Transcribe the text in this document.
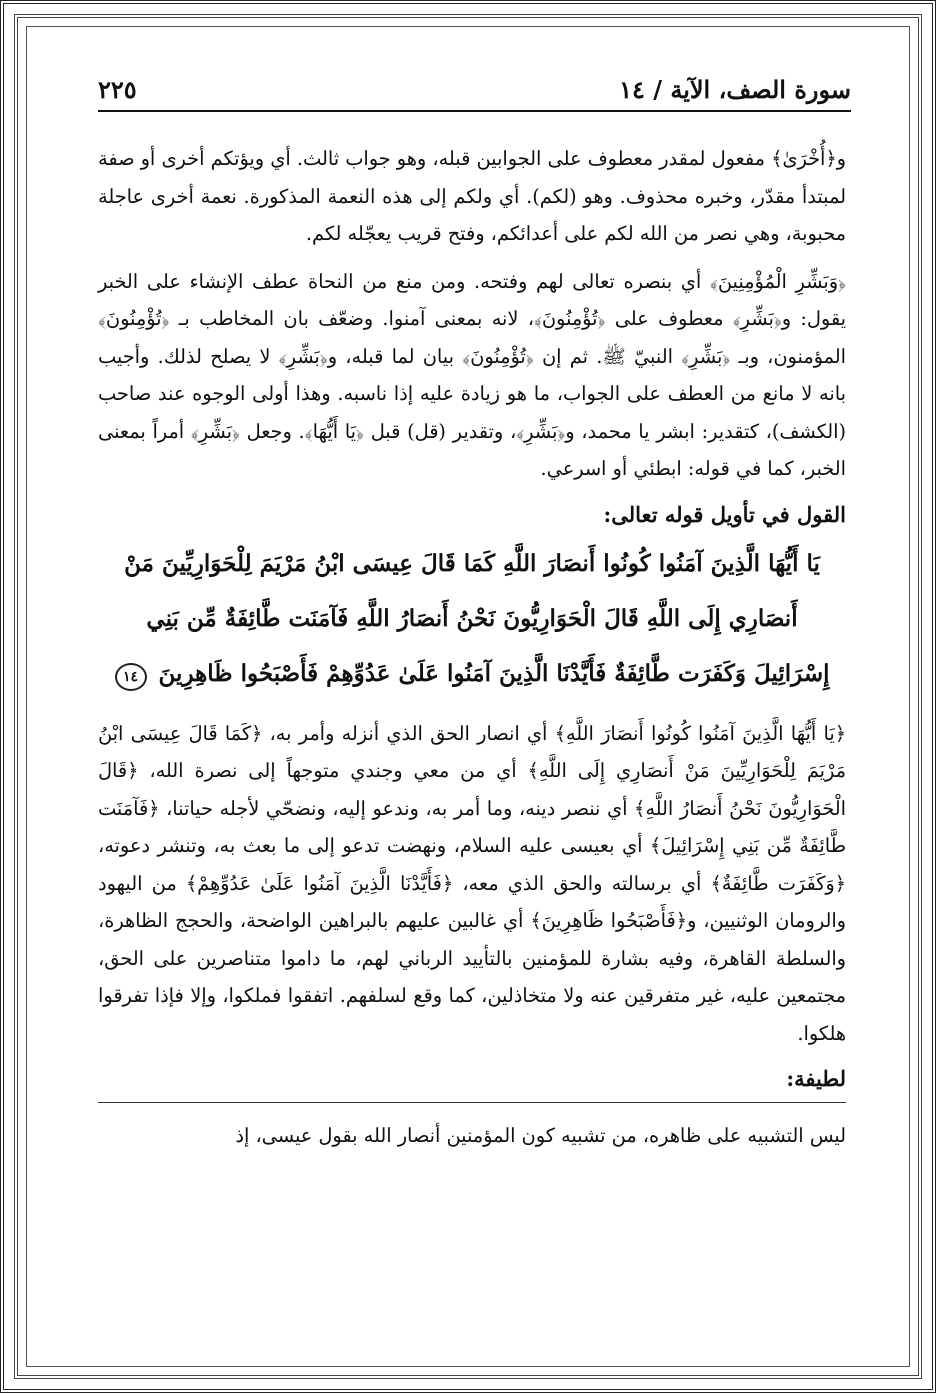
سورة الصف، الآية / ١٤
٢٢٥

و﴿أُخْرَىٰ﴾ مفعول لمقدر معطوف على الجوابين قبله، وهو جواب ثالث. أي ويؤتكم أخرى أو صفة لمبتدأ مقدّر، وخبره محذوف. وهو (لكم). أي ولكم إلى هذه النعمة المذكورة. نعمة أخرى عاجلة محبوبة، وهي نصر من الله لكم على أعدائكم، وفتح قريب يعجّله لكم.

﴿وَبَشِّرِ الْمُؤْمِنِينَ﴾ أي بنصره تعالى لهم وفتحه. ومن منع من النحاة عطف الإنشاء على الخبر يقول: و﴿بَشِّرِ﴾ معطوف على ﴿تُؤْمِنُونَ﴾، لانه بمعنى آمنوا. وضعّف بان المخاطب بـ ﴿تُؤْمِنُونَ﴾ المؤمنون، وبـ ﴿بَشِّرِ﴾ النبيّ ﷺ. ثم إن ﴿تُؤْمِنُونَ﴾ بيان لما قبله، و﴿بَشِّرِ﴾ لا يصلح لذلك. وأجيب بانه لا مانع من العطف على الجواب، ما هو زيادة عليه إذا ناسبه. وهذا أولى الوجوه عند صاحب (الكشف)، كتقدير: ابشر يا محمد، و﴿بَشِّرِ﴾، وتقدير (قل) قبل ﴿يَا أَيُّهَا﴾. وجعل ﴿بَشِّرِ﴾ أمراً بمعنى الخبر، كما في قوله: ابطئي أو اسرعي.

القول في تأويل قوله تعالى:
يَا أَيُّهَا الَّذِينَ آمَنُوا كُونُوا أَنصَارَ اللَّهِ كَمَا قَالَ عِيسَى ابْنُ مَرْيَمَ لِلْحَوَارِيِّينَ مَنْ أَنصَارِي إِلَى اللَّهِ قَالَ الْحَوَارِيُّونَ نَحْنُ أَنصَارُ اللَّهِ فَآمَنَت طَّائِفَةٌ مِّن بَنِي إِسْرَائِيلَ وَكَفَرَت طَّائِفَةٌ فَأَيَّدْنَا الَّذِينَ آمَنُوا عَلَىٰ عَدُوِّهِمْ فَأَصْبَحُوا ظَاهِرِينَ ١٤

﴿يَا أَيُّهَا الَّذِينَ آمَنُوا كُونُوا أَنصَارَ اللَّهِ﴾ أي انصار الحق الذي أنزله وأمر به، ﴿كَمَا قَالَ عِيسَى ابْنُ مَرْيَمَ لِلْحَوَارِيِّينَ مَنْ أَنصَارِي إِلَى اللَّهِ﴾ أي من معي وجندي متوجهاً إلى نصرة الله، ﴿قَالَ الْحَوَارِيُّونَ نَحْنُ أَنصَارُ اللَّهِ﴾ أي ننصر دينه، وما أمر به، وندعو إليه، ونضحّي لأجله حياتنا، ﴿فَآمَنَت طَّائِفَةٌ مِّن بَنِي إِسْرَائِيلَ﴾ أي بعيسى عليه السلام، ونهضت تدعو إلى ما بعث به، وتنشر دعوته، ﴿وَكَفَرَت طَّائِفَةٌ﴾ أي برسالته والحق الذي معه، ﴿فَأَيَّدْنَا الَّذِينَ آمَنُوا عَلَىٰ عَدُوِّهِمْ﴾ من اليهود والرومان الوثنيين، و﴿فَأَصْبَحُوا ظَاهِرِينَ﴾ أي غالبين عليهم بالبراهين الواضحة، والحجج الظاهرة، والسلطة القاهرة، وفيه بشارة للمؤمنين بالتأييد الرباني لهم، ما داموا متناصرين على الحق، مجتمعين عليه، غير متفرقين عنه ولا متخاذلين، كما وقع لسلفهم. اتفقوا فملكوا، وإلا فإذا تفرقوا هلكوا.

لطيفة:

ليس التشبيه على ظاهره، من تشبيه كون المؤمنين أنصار الله بقول عيسى، إذ
